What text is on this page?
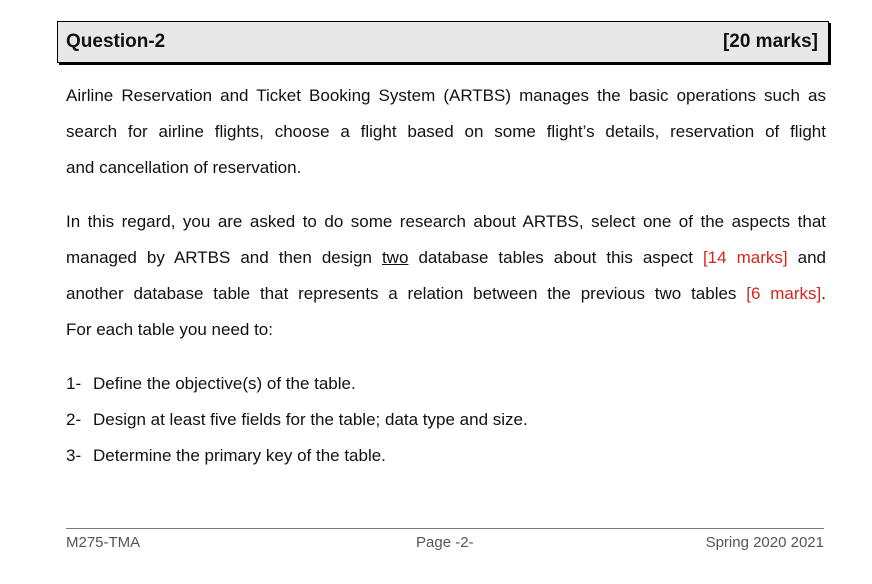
Question-2	[20 marks]
Airline Reservation and Ticket Booking System (ARTBS) manages the basic operations such as
search for airline flights, choose a flight based on some flight’s details, reservation of flight
and cancellation of reservation.
In this regard, you are asked to do some research about ARTBS, select one of the aspects that
managed by ARTBS and then design two database tables about this aspect [14 marks] and
another database table that represents a relation between the previous two tables [6 marks].
For each table you need to:
1- Define the objective(s) of the table.
2- Design at least five fields for the table; data type and size.
3- Determine the primary key of the table.
M275-TMA	Page -2-	Spring 2020 2021
